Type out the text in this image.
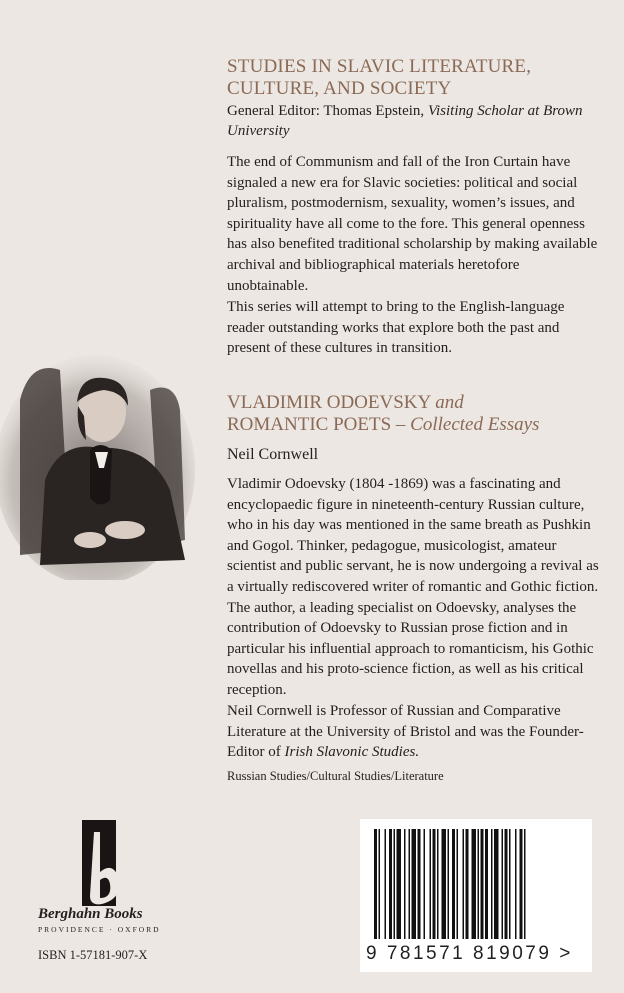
STUDIES IN SLAVIC LITERATURE,
CULTURE, AND SOCIETY

General Editor: Thomas Epstein, Visiting Scholar at Brown University

The end of Communism and fall of the Iron Curtain have signaled a new era for Slavic societies: political and social pluralism, postmodernism, sexuality, women’s issues, and spirituality have all come to the fore. This general openness has also benefited traditional scholarship by making available archival and bibliographical materials heretofore unobtainable.

This series will attempt to bring to the English-language reader outstanding works that explore both the past and present of these cultures in transition.

VLADIMIR ODOEVSKY and
ROMANTIC POETS – Collected Essays

Neil Cornwell

Vladimir Odoevsky (1804 -1869) was a fascinating and encyclopaedic figure in nineteenth-century Russian culture, who in his day was mentioned in the same breath as Pushkin and Gogol. Thinker, pedagogue, musicologist, amateur scientist and public servant, he is now undergoing a revival as a virtually rediscovered writer of romantic and Gothic fiction. The author, a leading specialist on Odoevsky, analyses the contribution of Odoevsky to Russian prose fiction and in particular his influential approach to romanticism, his Gothic novellas and his proto-science fiction, as well as his critical reception.

Neil Cornwell is Professor of Russian and Comparative Literature at the University of Bristol and was the Founder-Editor of Irish Slavonic Studies.

Russian Studies/Cultural Studies/Literature

Berghahn Books

PROVIDENCE · OXFORD

ISBN 1-57181-907-X	9 781571 819079 >
